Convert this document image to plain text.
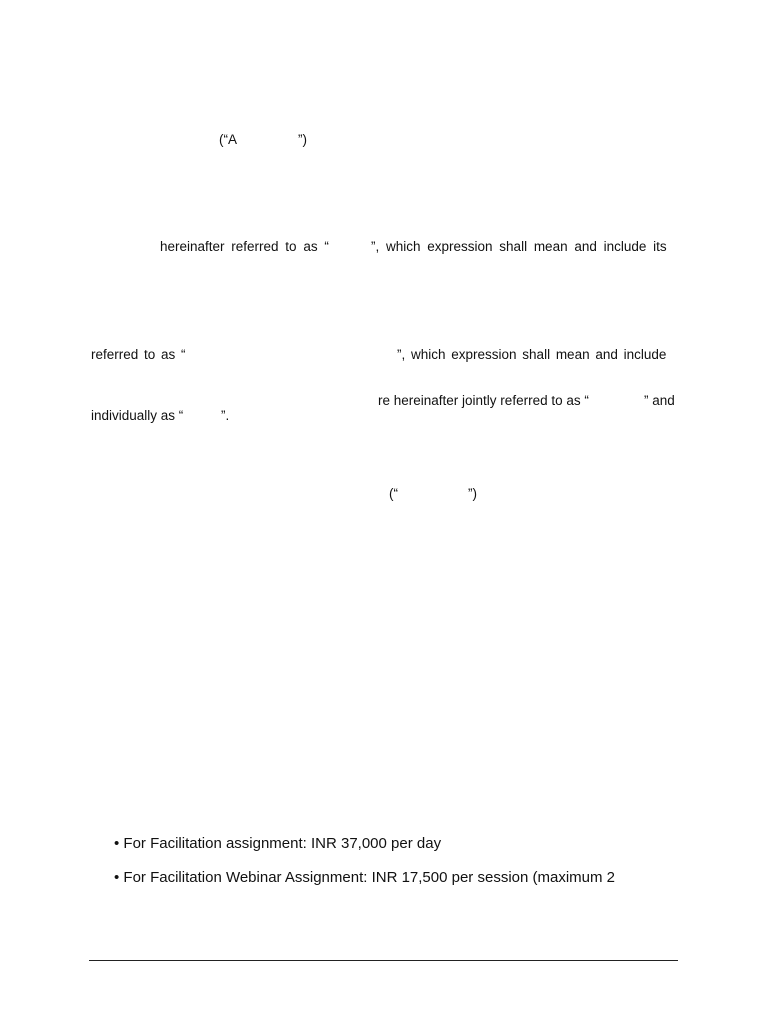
(“A	”)
hereinafter referred to as “	”, which expression shall mean and include its
referred to as “	”, which expression shall mean and include
re hereinafter jointly referred to as “	” and
individually as “	”.
(“	”)
• For Facilitation assignment: INR 37,000 per day
• For Facilitation Webinar Assignment: INR 17,500 per session (maximum 2
